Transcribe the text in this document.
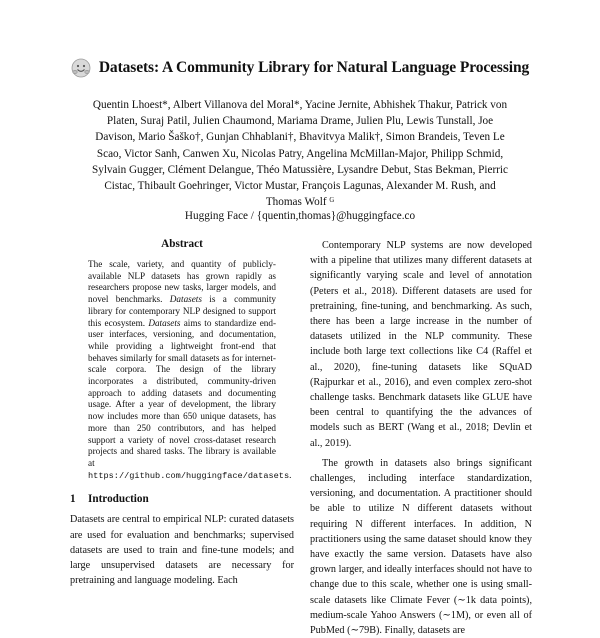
Datasets: A Community Library for Natural Language Processing
Quentin Lhoest*, Albert Villanova del Moral*, Yacine Jernite, Abhishek Thakur, Patrick von Platen, Suraj Patil, Julien Chaumond, Mariama Drame, Julien Plu, Lewis Tunstall, Joe Davison, Mario Šaško†, Gunjan Chhablani†, Bhavitvya Malik†, Simon Brandeis, Teven Le Scao, Victor Sanh, Canwen Xu, Nicolas Patry, Angelina McMillan-Major, Philipp Schmid, Sylvain Gugger, Clément Delangue, Théo Matussière, Lysandre Debut, Stas Bekman, Pierric Cistac, Thibault Goehringer, Victor Mustar, François Lagunas, Alexander M. Rush, and Thomas Wolf ᴳ
Hugging Face / {quentin,thomas}@huggingface.co
Abstract

The scale, variety, and quantity of publicly-available NLP datasets has grown rapidly as researchers propose new tasks, larger models, and novel benchmarks. Datasets is a community library for contemporary NLP designed to support this ecosystem. Datasets aims to standardize end-user interfaces, versioning, and documentation, while providing a lightweight front-end that behaves similarly for small datasets as for internet-scale corpora. The design of the library incorporates a distributed, community-driven approach to adding datasets and documenting usage. After a year of development, the library now includes more than 650 unique datasets, has more than 250 contributors, and has helped support a variety of novel cross-dataset research projects and shared tasks. The library is available at https://github.com/huggingface/datasets.

1 Introduction

Datasets are central to empirical NLP: curated datasets are used for evaluation and benchmarks; supervised datasets are used to train and fine-tune models; and large unsupervised datasets are necessary for pretraining and language modeling. Each

Contemporary NLP systems are now developed with a pipeline that utilizes many different datasets at significantly varying scale and level of annotation (Peters et al., 2018). Different datasets are used for pretraining, fine-tuning, and benchmarking. As such, there has been a large increase in the number of datasets utilized in the NLP community. These include both large text collections like C4 (Raffel et al., 2020), fine-tuning datasets like SQuAD (Rajpurkar et al., 2016), and even complex zero-shot challenge tasks. Benchmark datasets like GLUE have been central to quantifying the the advances of models such as BERT (Wang et al., 2018; Devlin et al., 2019).

The growth in datasets also brings significant challenges, including interface standardization, versioning, and documentation. A practitioner should be able to utilize N different datasets without requiring N different interfaces. In addition, N practitioners using the same dataset should know they have exactly the same version. Datasets have also grown larger, and ideally interfaces should not have to change due to this scale, whether one is using small-scale datasets like Climate Fever (∼1k data points), medium-scale Yahoo Answers (∼1M), or even all of PubMed (∼79B). Finally, datasets are
